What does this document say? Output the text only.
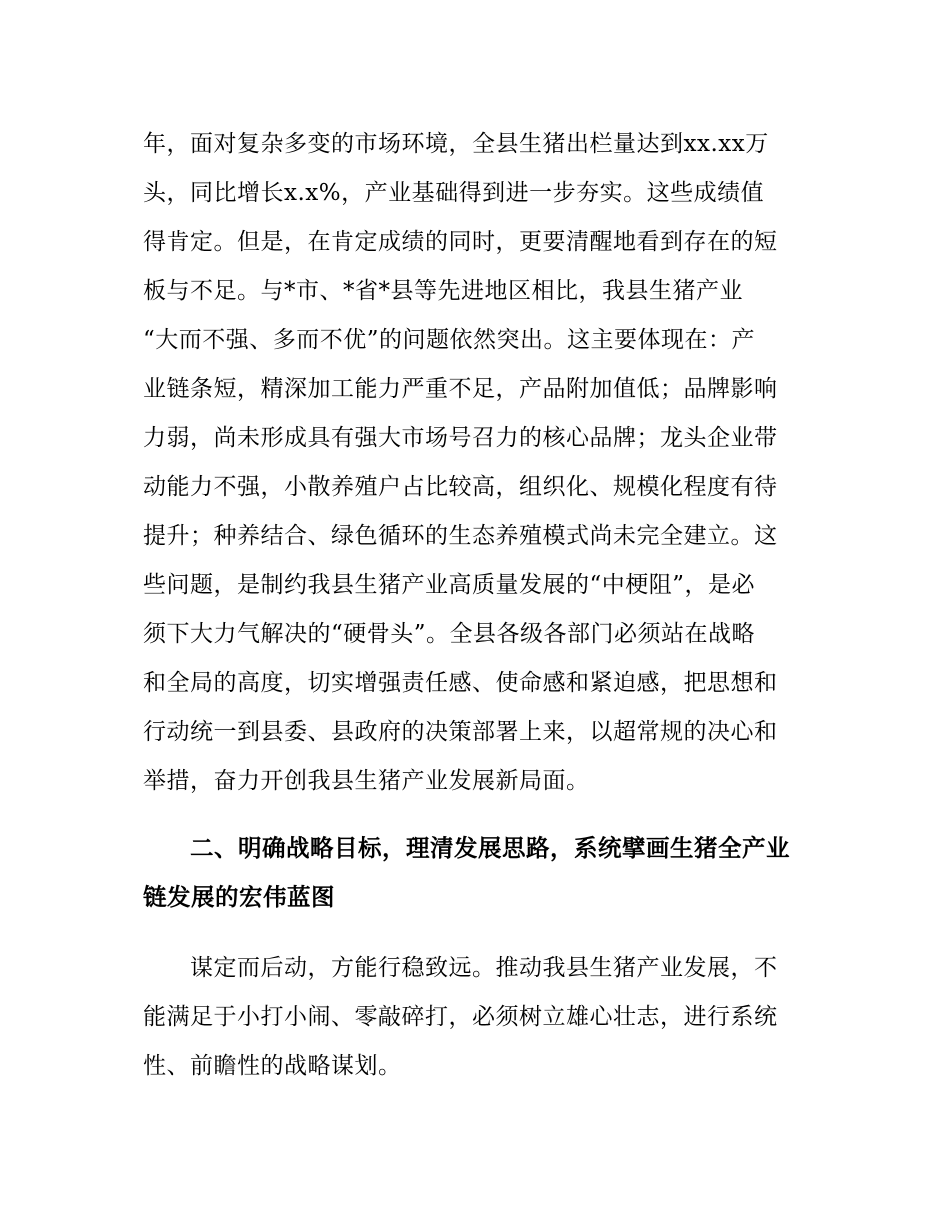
年，面对复杂多变的市场环境，全县生猪出栏量达到xx.xx万
头，同比增长x.x%，产业基础得到进一步夯实。这些成绩值
得肯定。但是，在肯定成绩的同时，更要清醒地看到存在的短
板与不足。与*市、*省*县等先进地区相比，我县生猪产业
“大而不强、多而不优”的问题依然突出。这主要体现在：产
业链条短，精深加工能力严重不足，产品附加值低；品牌影响
力弱，尚未形成具有强大市场号召力的核心品牌；龙头企业带
动能力不强，小散养殖户占比较高，组织化、规模化程度有待
提升；种养结合、绿色循环的生态养殖模式尚未完全建立。这
些问题，是制约我县生猪产业高质量发展的“中梗阻”，是必
须下大力气解决的“硬骨头”。全县各级各部门必须站在战略
和全局的高度，切实增强责任感、使命感和紧迫感，把思想和
行动统一到县委、县政府的决策部署上来，以超常规的决心和
举措，奋力开创我县生猪产业发展新局面。
二、明确战略目标，理清发展思路，系统擘画生猪全产业
链发展的宏伟蓝图
谋定而后动，方能行稳致远。推动我县生猪产业发展，不
能满足于小打小闹、零敲碎打，必须树立雄心壮志，进行系统
性、前瞻性的战略谋划。
